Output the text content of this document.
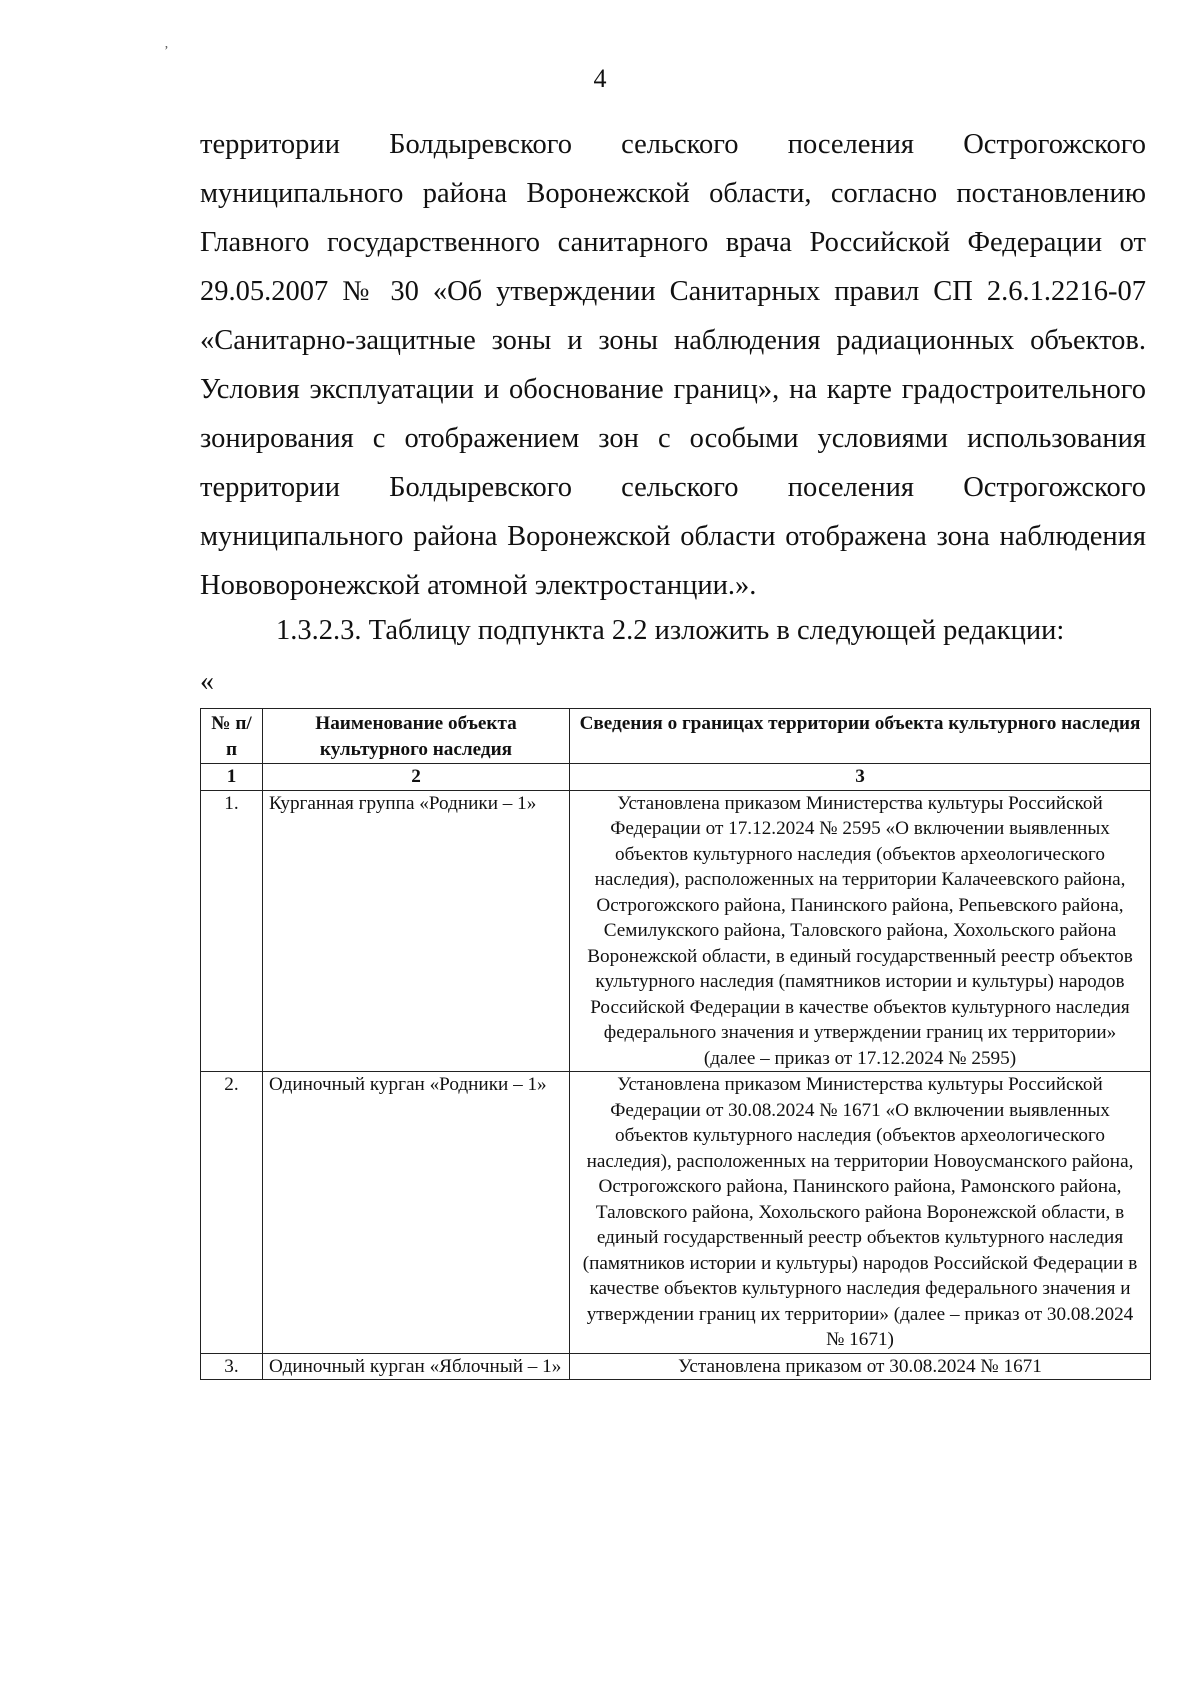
ʼ
4

территории Болдыревского сельского поселения Острогожского муниципального района Воронежской области, согласно постановлению Главного государственного санитарного врача Российской Федерации от 29.05.2007 № 30 «Об утверждении Санитарных правил СП 2.6.1.2216-07 «Санитарно-защитные зоны и зоны наблюдения радиационных объектов. Условия эксплуатации и обоснование границ», на карте градостроительного зонирования с отображением зон с особыми условиями использования территории Болдыревского сельского поселения Острогожского муниципального района Воронежской области отображена зона наблюдения Нововоронежской атомной электростанции.».

1.3.2.3. Таблицу подпункта 2.2 изложить в следующей редакции:
«
№ п/п	Наименование объекта культурного наследия	Сведения о границах территории объекта культурного наследия
1	2	3
1.	Курганная группа «Родники – 1»	Установлена приказом Министерства культуры Российской Федерации от 17.12.2024 № 2595 «О включении выявленных объектов культурного наследия (объектов археологического наследия), расположенных на территории Калачеевского района, Острогожского района, Панинского района, Репьевского района, Семилукского района, Таловского района, Хохольского района Воронежской области, в единый государственный реестр объектов культурного наследия (памятников истории и культуры) народов Российской Федерации в качестве объектов культурного наследия федерального значения и утверждении границ их территории» (далее – приказ от 17.12.2024 № 2595)
2.	Одиночный курган «Родники – 1»	Установлена приказом Министерства культуры Российской Федерации от 30.08.2024 № 1671 «О включении выявленных объектов культурного наследия (объектов археологического наследия), расположенных на территории Новоусманского района, Острогожского района, Панинского района, Рамонского района, Таловского района, Хохольского района Воронежской области, в единый государственный реестр объектов культурного наследия (памятников истории и культуры) народов Российской Федерации в качестве объектов культурного наследия федерального значения и утверждении границ их территории» (далее – приказ от 30.08.2024 № 1671)
3.	Одиночный курган «Яблочный – 1»	Установлена приказом от 30.08.2024 № 1671
